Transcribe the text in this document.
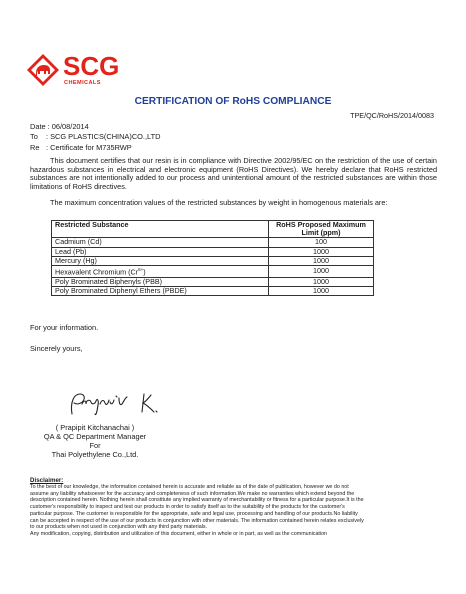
SCG
CHEMICALS
CERTIFICATION OF RoHS COMPLIANCE
TPE/QC/RoHS/2014/0083
Date : 06/08/2014
To : SCG PLASTICS(CHINA)CO.,LTD
Re : Certificate for M735RWP
This document certifies that our resin is in compliance with Directive 2002/95/EC on the restriction of the use of certain hazardous substances in electrical and electronic equipment (RoHS Directives). We hereby declare that RoHS restricted substances are not intentionally added to our process and unintentional amount of the restricted substances are within those limitations of RoHS directives.
The maximum concentration values of the restricted substances by weight in homogenous materials are:
Restricted Substance	RoHS Proposed Maximum Limit (ppm)
Cadmium (Cd)	100
Lead (Pb)	1000
Mercury (Hg)	1000
Hexavalent Chromium $(Cr^{6+})$	1000
Poly Brominated Biphenyls (PBB)	1000
Poly Brominated Diphenyl Ethers (PBDE)	1000
For your information.
Sincerely yours,
( Prapipit Kitchanachai )
QA & QC Department Manager
For
Thai Polyethylene Co.,Ltd.
Disclaimer:
To the best of our knowledge, the information contained herein is accurate and reliable as of the date of publication, however we do not
assume any liability whatsoever for the accuracy and completeness of such information.We make no warranties which extend beyond the
description contained herein. Nothing herein shall constitute any implied warranty of merchantability or fitness for a particular purpose.It is the
customer's responsibility to inspect and test our products in order to satisfy itself as to the suitability of the products for the customer's
particular purpose. The customer is responsible for the appropriate, safe and legal use, processing and handling of our products.No liability
can be accepted in respect of the use of our products in conjunction with other materials. The information contained herein relates exclusively
to our products when not used in conjunction with any third party materials.
Any modification, copying, distribution and utilization of this document, either in whole or in part, as well as the communication
